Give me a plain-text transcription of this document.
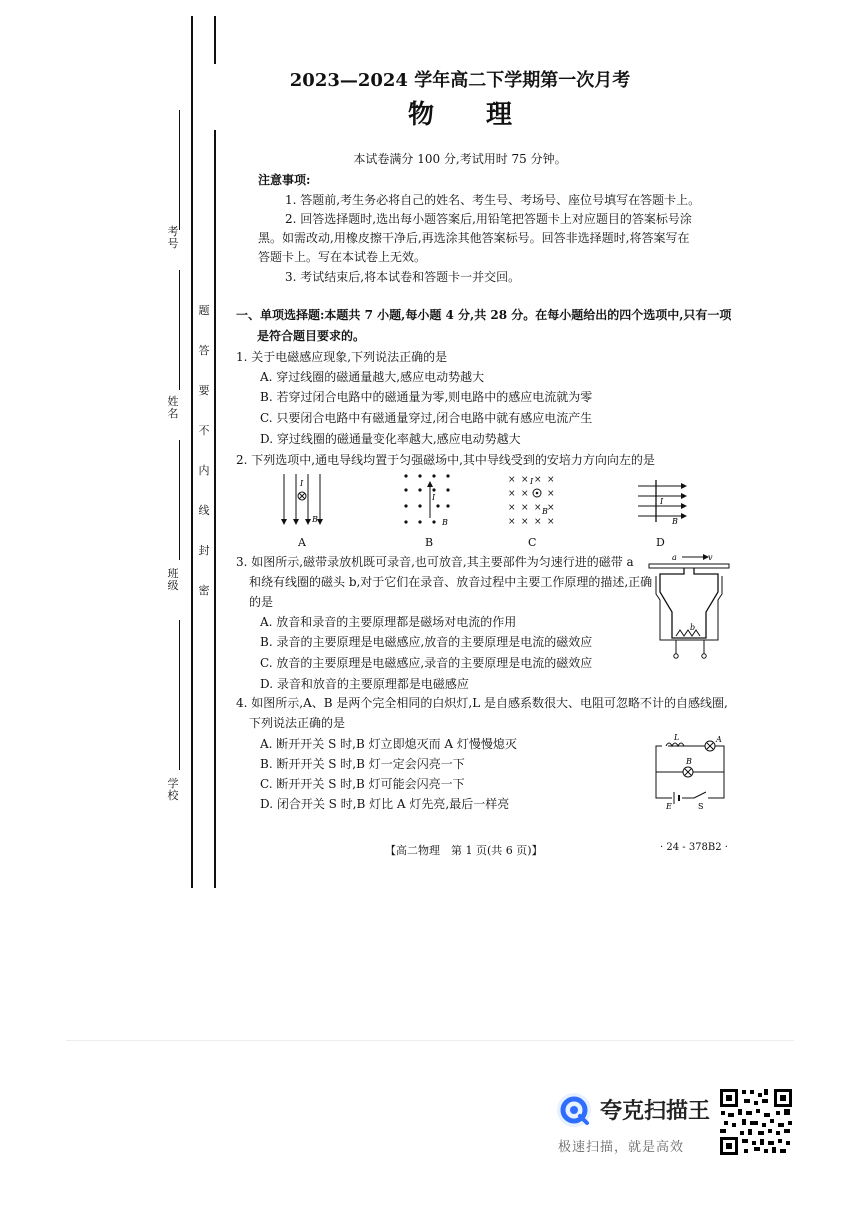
考号
姓名
班级
学校
题
答
要
不
内
线
封
密
2023—2024 学年高二下学期第一次月考
物　　理
本试卷满分 100 分,考试用时 75 分钟。
注意事项:
1. 答题前,考生务必将自己的姓名、考生号、考场号、座位号填写在答题卡上。
2. 回答选择题时,选出每小题答案后,用铅笔把答题卡上对应题目的答案标号涂
黑。如需改动,用橡皮擦干净后,再选涂其他答案标号。回答非选择题时,将答案写在
答题卡上。写在本试卷上无效。
3. 考试结束后,将本试卷和答题卡一并交回。
一、单项选择题:本题共 7 小题,每小题 4 分,共 28 分。在每小题给出的四个选项中,只有一项
是符合题目要求的。
1. 关于电磁感应现象,下列说法正确的是
A. 穿过线圈的磁通量越大,感应电动势越大
B. 若穿过闭合电路中的磁通量为零,则电路中的感应电流就为零
C. 只要闭合电路中有磁通量穿过,闭合电路中就有感应电流产生
D. 穿过线圈的磁通量变化率越大,感应电动势越大
2. 下列选项中,通电导线均置于匀强磁场中,其中导线受到的安培力方向向左的是
I
B
A
I
B
B
× × × ×
× × ×
× × × ×
× × × ×
I
B
C
I
B
D
3. 如图所示,磁带录放机既可录音,也可放音,其主要部件为匀速行进的磁带 a
和绕有线圈的磁头 b,对于它们在录音、放音过程中主要工作原理的描述,正确
的是
A. 放音和录音的主要原理都是磁场对电流的作用
B. 录音的主要原理是电磁感应,放音的主要原理是电流的磁效应
C. 放音的主要原理是电磁感应,录音的主要原理是电流的磁效应
D. 录音和放音的主要原理都是电磁感应
a	v
b
4. 如图所示,A、B 是两个完全相同的白炽灯,L 是自感系数很大、电阻可忽略不计的自感线圈,
下列说法正确的是
A. 断开开关 S 时,B 灯立即熄灭而 A 灯慢慢熄灭
B. 断开开关 S 时,B 灯一定会闪亮一下
C. 断开开关 S 时,B 灯可能会闪亮一下
D. 闭合开关 S 时,B 灯比 A 灯先亮,最后一样亮
L	A
B
E	S
【高二物理　第 1 页(共 6 页)】	· 24 - 378B2 ·
夸克扫描王
极速扫描，就是高效
